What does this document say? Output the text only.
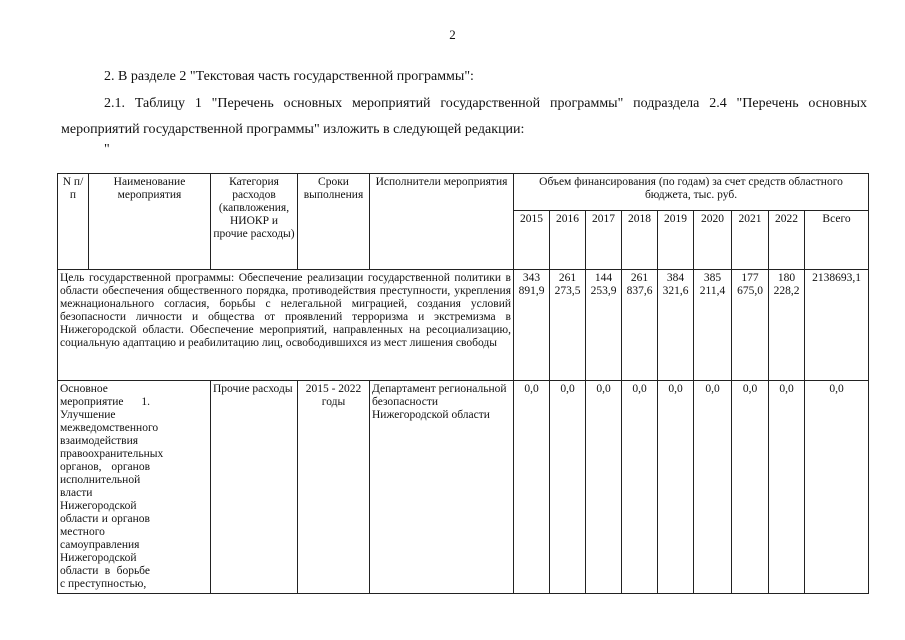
2
2. В разделе 2 "Текстовая часть государственной программы":
2.1. Таблицу 1 "Перечень основных мероприятий государственной программы" подраздела 2.4 "Перечень основных
мероприятий государственной программы" изложить в следующей редакции:
"
N п/п	Наименование мероприятия	Категория расходов (капвложения, НИОКР и прочие расходы)	Сроки выполнения	Исполнители мероприятия	Объем финансирования (по годам) за счет средств областного бюджета, тыс. руб.								
					2015	2016	2017	2018	2019	2020	2021	2022	Всего
Цель государственной программы: Обеспечение реализации государственной политики в области обеспечения общественного порядка, противодействия преступности, укрепления межнационального согласия, борьбы с нелегальной миграцией, создания условий безопасности личности и общества от проявлений терроризма и экстремизма в Нижегородской области. Обеспечение мероприятий, направленных на ресоциализацию, социальную адаптацию и реабилитацию лиц, освободившихся из мест лишения свободы					343 891,9	261 273,5	144 253,9	261 837,6	384 321,6	385 211,4	177 675,0	180 228,2	2138693,1
Основное мероприятие 1. Улучшение межведомственного взаимодействия правоохранительных органов, органов исполнительной власти Нижегородской области и органов местного самоуправления Нижегородской области в борьбе с преступностью,		Прочие расходы	2015 - 2022 годы	Департамент региональной безопасности Нижегородской области	0,0	0,0	0,0	0,0	0,0	0,0	0,0	0,0	0,0
